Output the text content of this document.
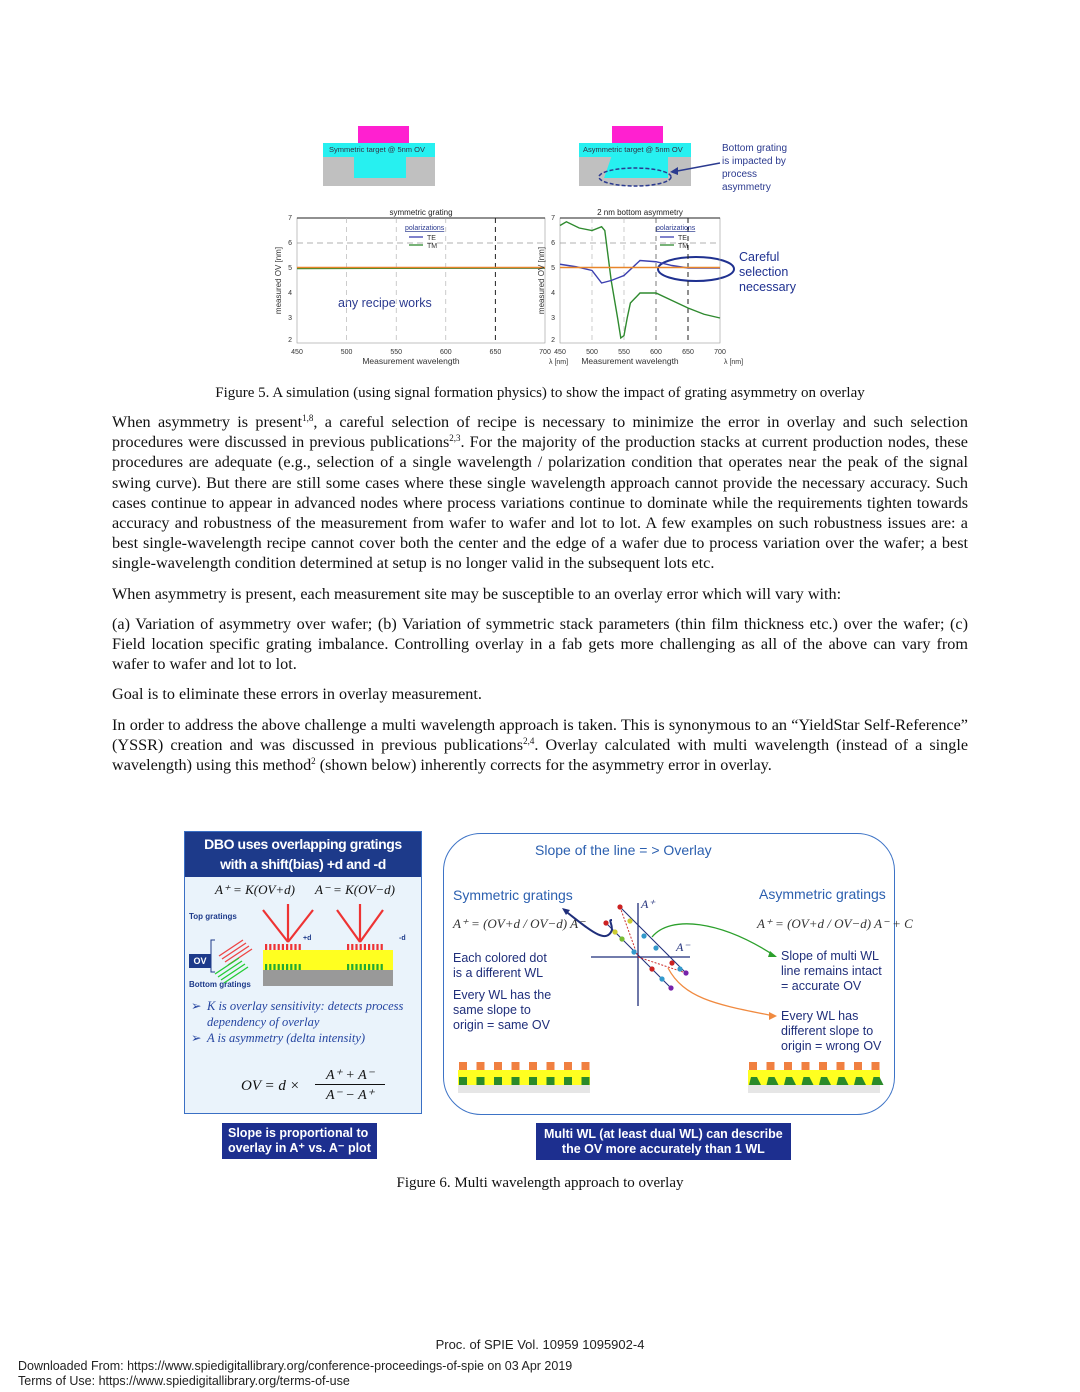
Symmetric target @ 5nm OV	Asymmetric target @ 5nm OV	Bottom grating
is impacted by
process
asymmetry
Careful
selection
necessary
any recipe works
450	500	550	600	650	700
2
3
4
5
6
7
symmetric grating
Measurement wavelength	λ [nm]
measured OV [nm]
polarizations
TE
TM
450	500	550	600	650	700
2
3
4
5
6
7
2 nm bottom asymmetry
Measurement wavelength	λ [nm]
measured OV [nm]
polarizations
TE
TM
Figure 5. A simulation (using signal formation physics) to show the impact of grating asymmetry on overlay

When asymmetry is present$^{1,8}$, a careful selection of recipe is necessary to minimize the error in overlay and such selection procedures were discussed in previous publications$^{2,3}$. For the majority of the production stacks at current production nodes, these procedures are adequate (e.g., selection of a single wavelength / polarization condition that operates near the peak of the signal swing curve). But there are still some cases where these single wavelength approach cannot provide the necessary accuracy. Such cases continue to appear in advanced nodes where process variations continue to dominate while the requirements tighten towards accuracy and robustness of the measurement from wafer to wafer and lot to lot. A few examples on such robustness issues are: a best single-wavelength recipe cannot cover both the center and the edge of a wafer due to process variation over the wafer; a best single-wavelength condition determined at setup is no longer valid in the subsequent lots etc.

When asymmetry is present, each measurement site may be susceptible to an overlay error which will vary with:

(a) Variation of asymmetry over wafer; (b) Variation of symmetric stack parameters (thin film thickness etc.) over the wafer; (c) Field location specific grating imbalance. Controlling overlay in a fab gets more challenging as all of the above can vary from wafer to wafer and lot to lot.

Goal is to eliminate these errors in overlay measurement.

In order to address the above challenge a multi wavelength approach is taken. This is synonymous to an “YieldStar Self-Reference” (YSSR) creation and was discussed in previous publications$^{2,4}$. Overlay calculated with multi wavelength (instead of a single wavelength) using this method$^2$ (shown below) inherently corrects for the asymmetry error in overlay.

DBO uses overlapping gratings
with a shift(bias) +d and -d
A⁺ = K(OV+d) A⁻ = K(OV−d)
Top gratings
Bottom gratings
OV
+d	-d
➢ K is overlay sensitivity: detects process dependency of overlay
➢ A is asymmetry (delta intensity)
OV = d ×
A⁺ + A⁻
A⁻ − A⁺
Slope is proportional to
overlay in A⁺ vs. A⁻ plot
Slope of the line = > Overlay
Symmetric gratings	Asymmetric gratings
A⁺ = (OV+d / OV−d) A⁻	A⁺ = (OV+d / OV−d) A⁻ + C
A⁺
A⁻
Each colored dot
is a different WL
Every WL has the
same slope to
origin = same OV
Slope of multi WL
line remains intact
= accurate OV
Every WL has
different slope to
origin = wrong OV
Multi WL (at least dual WL) can describe
the OV more accurately than 1 WL
Figure 6. Multi wavelength approach to overlay
Proc. of SPIE Vol. 10959 1095902-4
Downloaded From: https://www.spiedigitallibrary.org/conference-proceedings-of-spie on 03 Apr 2019
Terms of Use: https://www.spiedigitallibrary.org/terms-of-use
